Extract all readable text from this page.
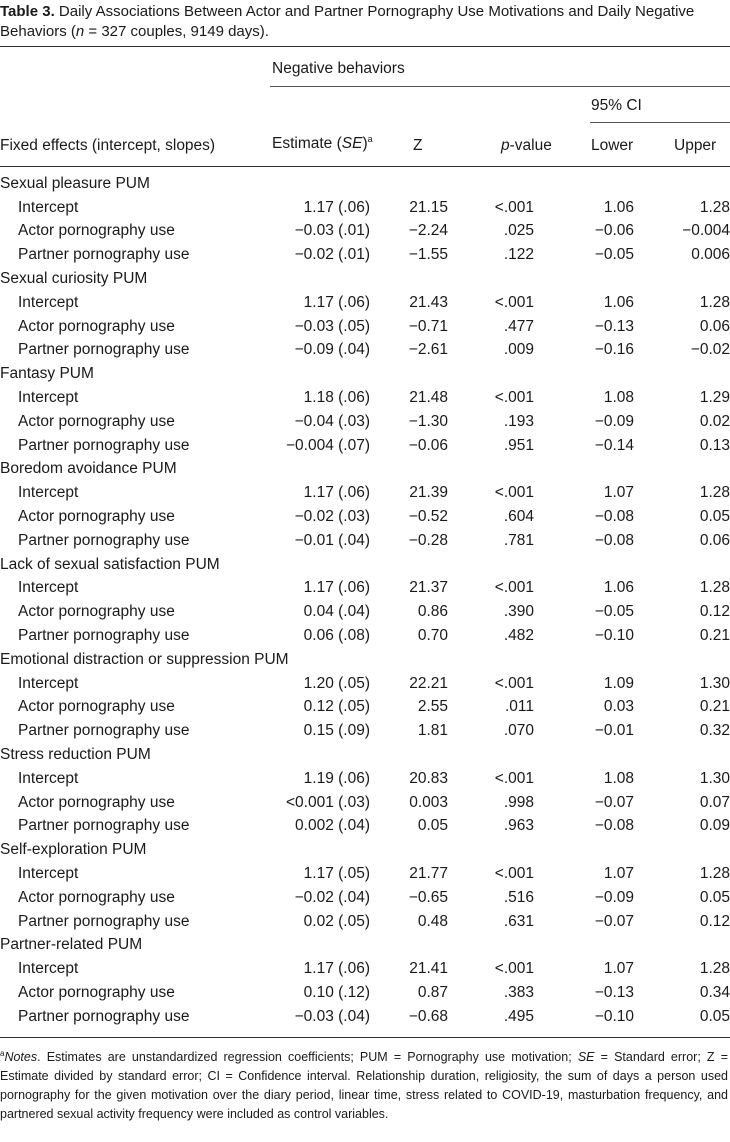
Table 3. Daily Associations Between Actor and Partner Pornography Use Motivations and Daily Negative Behaviors (n = 327 couples, 9149 days).
Negative behaviors
95% CI
Fixed effects (intercept, slopes)	Estimate (SE)$^a$	Z	p-value	Lower	Upper
Sexual pleasure PUM					
Intercept	1.17 (.06)	21.15	<.001	1.06	1.28
Actor pornography use	−0.03 (.01)	−2.24	.025	−0.06	−0.004
Partner pornography use	−0.02 (.01)	−1.55	.122	−0.05	0.006
Sexual curiosity PUM					
Intercept	1.17 (.06)	21.43	<.001	1.06	1.28
Actor pornography use	−0.03 (.05)	−0.71	.477	−0.13	0.06
Partner pornography use	−0.09 (.04)	−2.61	.009	−0.16	−0.02
Fantasy PUM					
Intercept	1.18 (.06)	21.48	<.001	1.08	1.29
Actor pornography use	−0.04 (.03)	−1.30	.193	−0.09	0.02
Partner pornography use	−0.004 (.07)	−0.06	.951	−0.14	0.13
Boredom avoidance PUM					
Intercept	1.17 (.06)	21.39	<.001	1.07	1.28
Actor pornography use	−0.02 (.03)	−0.52	.604	−0.08	0.05
Partner pornography use	−0.01 (.04)	−0.28	.781	−0.08	0.06
Lack of sexual satisfaction PUM					
Intercept	1.17 (.06)	21.37	<.001	1.06	1.28
Actor pornography use	0.04 (.04)	0.86	.390	−0.05	0.12
Partner pornography use	0.06 (.08)	0.70	.482	−0.10	0.21
Emotional distraction or suppression PUM					
Intercept	1.20 (.05)	22.21	<.001	1.09	1.30
Actor pornography use	0.12 (.05)	2.55	.011	0.03	0.21
Partner pornography use	0.15 (.09)	1.81	.070	−0.01	0.32
Stress reduction PUM					
Intercept	1.19 (.06)	20.83	<.001	1.08	1.30
Actor pornography use	<0.001 (.03)	0.003	.998	−0.07	0.07
Partner pornography use	0.002 (.04)	0.05	.963	−0.08	0.09
Self-exploration PUM					
Intercept	1.17 (.05)	21.77	<.001	1.07	1.28
Actor pornography use	−0.02 (.04)	−0.65	.516	−0.09	0.05
Partner pornography use	0.02 (.05)	0.48	.631	−0.07	0.12
Partner-related PUM					
Intercept	1.17 (.06)	21.41	<.001	1.07	1.28
Actor pornography use	0.10 (.12)	0.87	.383	−0.13	0.34
Partner pornography use	−0.03 (.04)	−0.68	.495	−0.10	0.05
$^a$Notes. Estimates are unstandardized regression coefficients; PUM = Pornography use motivation; SE = Standard error; Z = Estimate divided by standard error; CI = Confidence interval. Relationship duration, religiosity, the sum of days a person used pornography for the given motivation over the diary period, linear time, stress related to COVID-19, masturbation frequency, and partnered sexual activity frequency were included as control variables.
